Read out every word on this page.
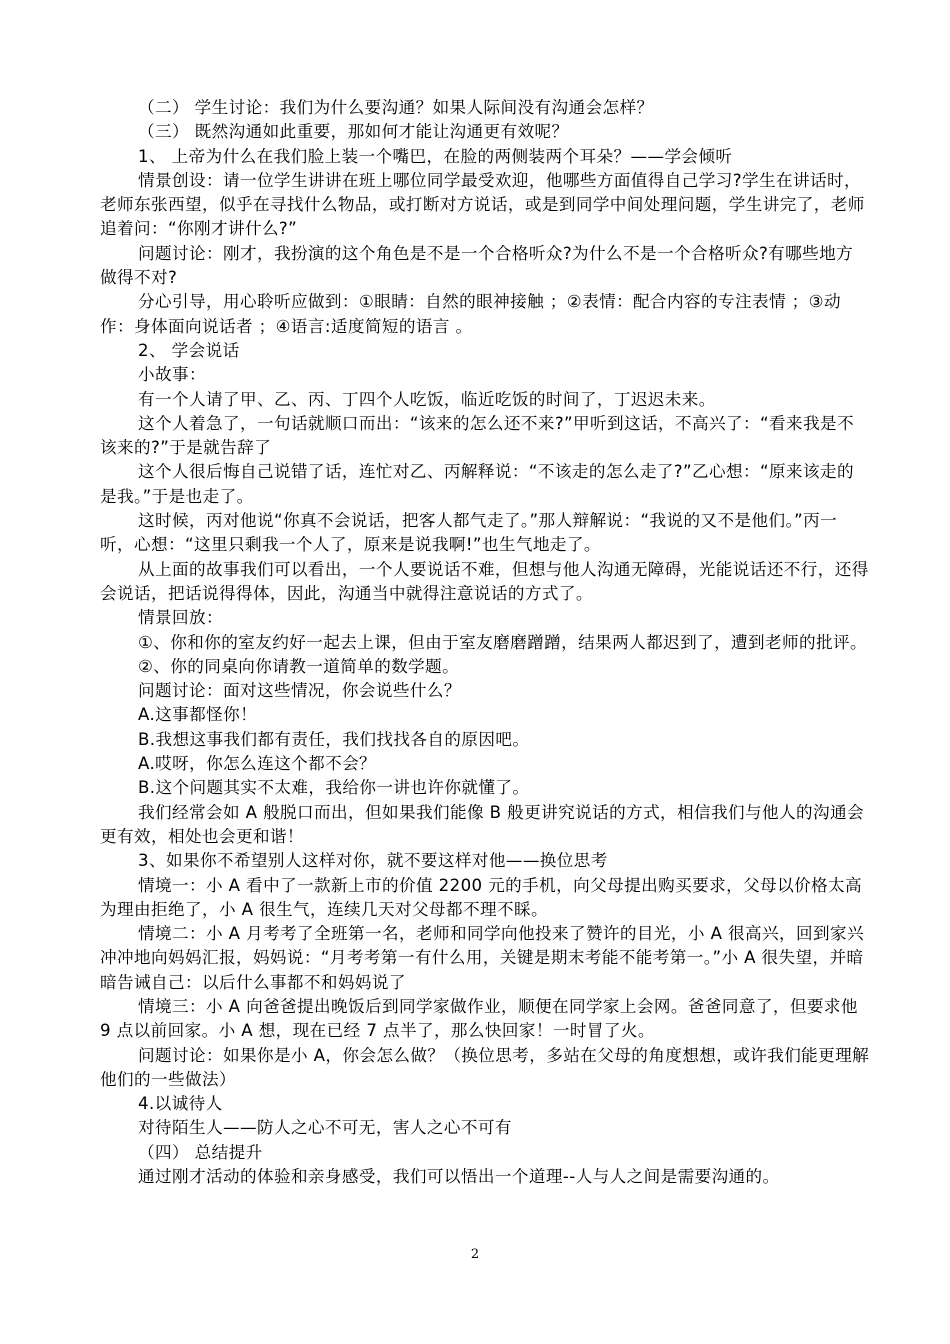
（二） 学生讨论：我们为什么要沟通？如果人际间没有沟通会怎样？

（三） 既然沟通如此重要，那如何才能让沟通更有效呢？

1、 上帝为什么在我们脸上装一个嘴巴，在脸的两侧装两个耳朵？——学会倾听

情景创设：请一位学生讲讲在班上哪位同学最受欢迎，他哪些方面值得自己学习?学生在讲话时，老师东张西望，似乎在寻找什么物品，或打断对方说话，或是到同学中间处理问题，学生讲完了，老师追着问：“你刚才讲什么?”

问题讨论：刚才，我扮演的这个角色是不是一个合格听众?为什么不是一个合格听众?有哪些地方做得不对?

分心引导，用心聆听应做到：①眼睛：自然的眼神接触 ；②表情：配合内容的专注表情 ；③动作：身体面向说话者 ；④语言:适度简短的语言 。

2、 学会说话

小故事：

有一个人请了甲、乙、丙、丁四个人吃饭，临近吃饭的时间了，丁迟迟未来。

这个人着急了，一句话就顺口而出：“该来的怎么还不来?”甲听到这话，不高兴了：“看来我是不该来的?”于是就告辞了

这个人很后悔自己说错了话，连忙对乙、丙解释说：“不该走的怎么走了?”乙心想：“原来该走的是我。”于是也走了。

这时候，丙对他说“你真不会说话，把客人都气走了。”那人辩解说：“我说的又不是他们。”丙一听，心想：“这里只剩我一个人了，原来是说我啊!”也生气地走了。

从上面的故事我们可以看出，一个人要说话不难，但想与他人沟通无障碍，光能说话还不行，还得会说话，把话说得得体，因此，沟通当中就得注意说话的方式了。

情景回放：

①、你和你的室友约好一起去上课，但由于室友磨磨蹭蹭，结果两人都迟到了，遭到老师的批评。

②、你的同桌向你请教一道简单的数学题。

问题讨论：面对这些情况，你会说些什么？

A.这事都怪你！

B.我想这事我们都有责任，我们找找各自的原因吧。

A.哎呀，你怎么连这个都不会？

B.这个问题其实不太难，我给你一讲也许你就懂了。

我们经常会如 A 般脱口而出，但如果我们能像 B 般更讲究说话的方式，相信我们与他人的沟通会更有效，相处也会更和谐！

3、如果你不希望别人这样对你，就不要这样对他——换位思考

情境一：小 A 看中了一款新上市的价值 2200 元的手机，向父母提出购买要求，父母以价格太高为理由拒绝了，小 A 很生气，连续几天对父母都不理不睬。

情境二：小 A 月考考了全班第一名，老师和同学向他投来了赞许的目光，小 A 很高兴，回到家兴冲冲地向妈妈汇报，妈妈说：“月考考第一有什么用，关键是期末考能不能考第一。”小 A 很失望，并暗暗告诫自己：以后什么事都不和妈妈说了

情境三：小 A 向爸爸提出晚饭后到同学家做作业，顺便在同学家上会网。爸爸同意了，但要求他 9 点以前回家。小 A 想，现在已经 7 点半了，那么快回家！一时冒了火。

问题讨论：如果你是小 A，你会怎么做？（换位思考，多站在父母的角度想想，或许我们能更理解他们的一些做法）

4.以诚待人

对待陌生人——防人之心不可无，害人之心不可有

（四） 总结提升

通过刚才活动的体验和亲身感受，我们可以悟出一个道理--人与人之间是需要沟通的。

2
